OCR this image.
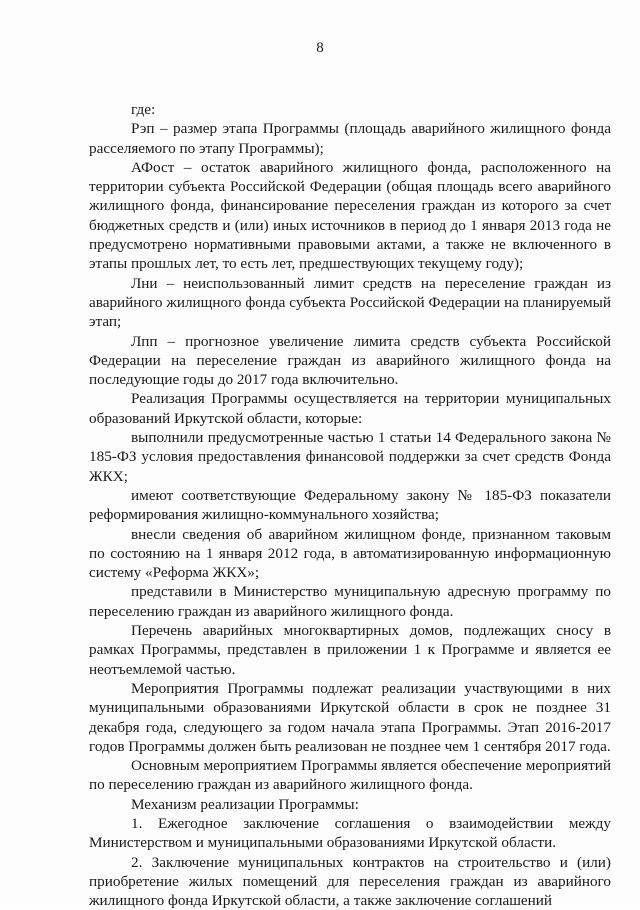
8

где:

Рэп – размер этапа Программы (площадь аварийного жилищного фонда расселяемого по этапу Программы);

АФост – остаток аварийного жилищного фонда, расположенного на территории субъекта Российской Федерации (общая площадь всего аварийного жилищного фонда, финансирование переселения граждан из которого за счет бюджетных средств и (или) иных источников в период до 1 января 2013 года не предусмотрено нормативными правовыми актами, а также не включенного в этапы прошлых лет, то есть лет, предшествующих текущему году);

Лни – неиспользованный лимит средств на переселение граждан из аварийного жилищного фонда субъекта Российской Федерации на планируемый этап;

Лпп – прогнозное увеличение лимита средств субъекта Российской Федерации на переселение граждан из аварийного жилищного фонда на последующие годы до 2017 года включительно.

Реализация Программы осуществляется на территории муниципальных образований Иркутской области, которые:

выполнили предусмотренные частью 1 статьи 14 Федерального закона № 185-ФЗ условия предоставления финансовой поддержки за счет средств Фонда ЖКХ;

имеют соответствующие Федеральному закону № 185-ФЗ показатели реформирования жилищно-коммунального хозяйства;

внесли сведения об аварийном жилищном фонде, признанном таковым по состоянию на 1 января 2012 года, в автоматизированную информационную систему «Реформа ЖКХ»;

представили в Министерство муниципальную адресную программу по переселению граждан из аварийного жилищного фонда.

Перечень аварийных многоквартирных домов, подлежащих сносу в рамках Программы, представлен в приложении 1 к Программе и является ее неотъемлемой частью.

Мероприятия Программы подлежат реализации участвующими в них муниципальными образованиями Иркутской области в срок не позднее 31 декабря года, следующего за годом начала этапа Программы. Этап 2016-2017 годов Программы должен быть реализован не позднее чем 1 сентября 2017 года.

Основным мероприятием Программы является обеспечение мероприятий по переселению граждан из аварийного жилищного фонда.

Механизм реализации Программы:

1. Ежегодное заключение соглашения о взаимодействии между Министерством и муниципальными образованиями Иркутской области.

2. Заключение муниципальных контрактов на строительство и (или) приобретение жилых помещений для переселения граждан из аварийного жилищного фонда Иркутской области, а также заключение соглашений
